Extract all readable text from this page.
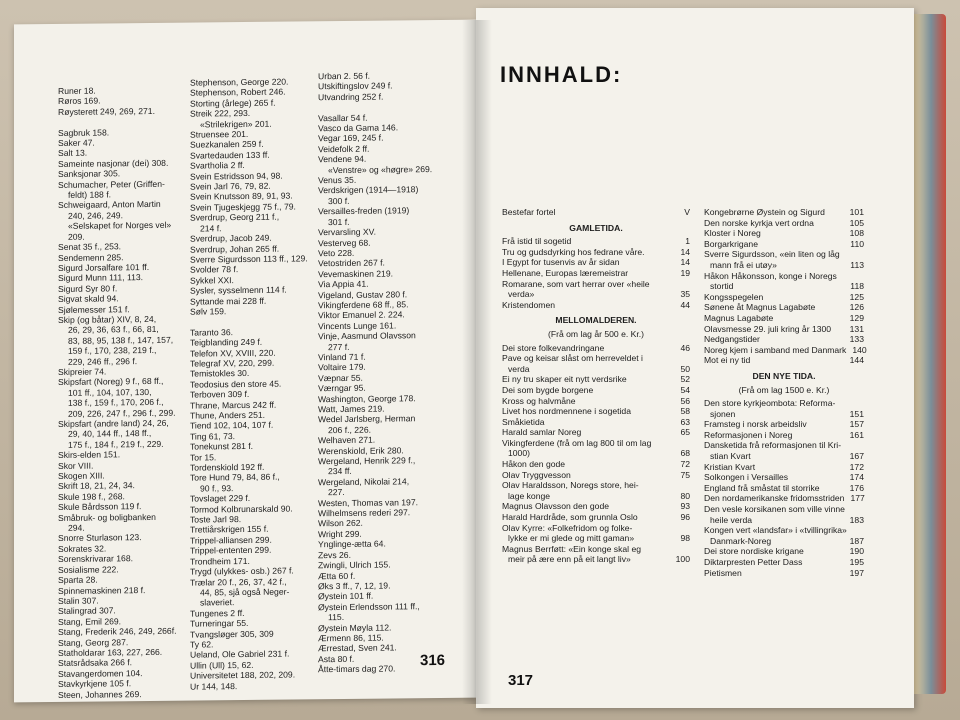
Runer 18.
Røros 169.
Røysterett 249, 269, 271.

Sagbruk 158.
Saker 47.
Salt 13.
Sameinte nasjonar (dei) 308.
Sanksjonar 305.
Schumacher, Peter (Griffen-
feldt) 188 f.
Schweigaard, Anton Martin
240, 246, 249.
«Selskapet for Norges vel»
209.
Senat 35 f., 253.
Sendemenn 285.
Sigurd Jorsalfare 101 ff.
Sigurd Munn 111, 113.
Sigurd Syr 80 f.
Sigvat skald 94.
Sjølemesser 151 f.
Skip (og båtar) XIV, 8, 24,
26, 29, 36, 63 f., 66, 81,
83, 88, 95, 138 f., 147, 157,
159 f., 170, 238, 219 f.,
229, 246 ff., 296 f.
Skipreier 74.
Skipsfart (Noreg) 9 f., 68 ff.,
101 ff., 104, 107, 130,
138 f., 159 f., 170, 206 f.,
209, 226, 247 f., 296 f., 299.
Skipsfart (andre land) 24, 26,
29, 40, 144 ff., 148 ff.,
175 f., 184 f., 219 f., 229.
Skirs-elden 151.
Skor VIII.
Skogen XIII.
Skrift 18, 21, 24, 34.
Skule 198 f., 268.
Skule Bårdsson 119 f.
Småbruk- og boligbanken
294.
Snorre Sturlason 123.
Sokrates 32.
Sorenskrivarar 168.
Sosialisme 222.
Sparta 28.
Spinnemaskinen 218 f.
Stalin 307.
Stalingrad 307.
Stang, Emil 269.
Stang, Frederik 246, 249, 266f.
Stang, Georg 287.
Statholdarar 163, 227, 266.
Statsrådsaka 266 f.
Stavangerdomen 104.
Stavkyrkjene 105 f.
Steen, Johannes 269.
Stephenson, George 220.
Stephenson, Robert 246.
Storting (årlege) 265 f.
Streik 222, 293.
«Strilekrigen» 201.
Struensee 201.
Suezkanalen 259 f.
Svartedauden 133 ff.
Svartholia 2 ff.
Svein Estridsson 94, 98.
Svein Jarl 76, 79, 82.
Svein Knutsson 89, 91, 93.
Svein Tjugeskjegg 75 f., 79.
Sverdrup, Georg 211 f.,
214 f.
Sverdrup, Jacob 249.
Sverdrup, Johan 265 ff.
Sverre Sigurdsson 113 ff., 129.
Svolder 78 f.
Sykkel XXI.
Sysler, sysselmenn 114 f.
Syttande mai 228 ff.
Sølv 159.

Taranto 36.
Teigblanding 249 f.
Telefon XV, XVIII, 220.
Telegraf XV, 220, 299.
Temistokles 30.
Teodosius den store 45.
Terboven 309 f.
Thrane, Marcus 242 ff.
Thune, Anders 251.
Tiend 102, 104, 107 f.
Ting 61, 73.
Tonekunst 281 f.
Tor 15.
Tordenskiold 192 ff.
Tore Hund 79, 84, 86 f.,
90 f., 93.
Tovslaget 229 f.
Tormod Kolbrunarskald 90.
Toste Jarl 98.
Trettiårskrigen 155 f.
Trippel-alliansen 299.
Trippel-ententen 299.
Trondheim 171.
Trygd (ulykkes- osb.) 267 f.
Trælar 20 f., 26, 37, 42 f.,
44, 85, sjå også Neger-
slaveriet.
Tungenes 2 ff.
Turneringar 55.
Tvangsløger 305, 309
Ty 62.
Ueland, Ole Gabriel 231 f.
Ullin (Ull) 15, 62.
Universitetet 188, 202, 209.
Ur 144, 148.
Urban 2. 56 f.
Utskiftingslov 249 f.
Utvandring 252 f.

Vasallar 54 f.
Vasco da Gama 146.
Vegar 169, 245 f.
Veidefolk 2 ff.
Vendene 94.
«Venstre» og «høgre» 269.
Venus 35.
Verdskrigen (1914—1918)
300 f.
Versailles-freden (1919)
301 f.
Vervarsling XV.
Vesterveg 68.
Veto 228.
Vetostriden 267 f.
Vevemaskinen 219.
Via Appia 41.
Vigeland, Gustav 280 f.
Vikingferdene 68 ff., 85.
Viktor Emanuel 2. 224.
Vincents Lunge 161.
Vinje, Aasmund Olavsson
277 f.
Vinland 71 f.
Voltaire 179.
Væpnar 55.
Værngar 95.
Washington, George 178.
Watt, James 219.
Wedel Jarlsberg, Herman
206 f., 226.
Welhaven 271.
Werenskiold, Erik 280.
Wergeland, Henrik 229 f.,
234 ff.
Wergeland, Nikolai 214,
227.
Westen, Thomas van 197.
Wilhelmsens rederi 297.
Wilson 262.
Wright 299.
Ynglinge-ætta 64.
Zevs 26.
Zwingli, Ulrich 155.
Ætta 60 f.
Øks 3 ff., 7, 12, 19.
Øystein 101 ff.
Øystein Erlendsson 111 ff.,
115.
Øystein Møyla 112.
Ærmenn 86, 115.
Ærrestad, Sven 241.
Asta 80 f.
Åtte-timars dag 270.	316
317
INNHALD:
Bestefar fortel	V
GAMLETIDA.
Frå istid til sogetid	1
Tru og gudsdyrking hos fedrane våre.	14
I Egypt for tusenvis av år sidan	14
Hellenane, Europas læremeistrar	19
Romarane, som vart herrar over «heile
verda»	35
Kristendomen	44
MELLOMALDEREN.
(Frå om lag år 500 e. Kr.)
Dei store folkevandringane	46
Pave og keisar slåst om herreveldet i
verda	50
Ei ny tru skaper eit nytt verdsrike	52
Dei som bygde borgene	54
Kross og halvmåne	56
Livet hos nordmennene i sogetida	58
Småkietida	63
Harald samlar Noreg	65
Vikingferdene (frå om lag 800 til om lag
1000)	68
Håkon den gode	72
Olav Tryggvesson	75
Olav Haraldsson, Noregs store, hei-
lage konge	80
Magnus Olavsson den gode	93
Harald Hardråde, som grunnla Oslo	96
Olav Kyrre: «Folkefridom og folke-
lykke er mi glede og mitt gaman»	98
Magnus Berrføtt: «Ein konge skal eg
meir på ære enn på eit langt liv»	100
Kongebrørne Øystein og Sigurd	101
Den norske kyrkja vert ordna	105
Kloster i Noreg	108
Borgarkrigane	110
Sverre Sigurdsson, «ein liten og låg
mann frå ei utøy»	113
Håkon Håkonsson, konge i Noregs
stortid	118
Kongsspegelen	125
Sønene åt Magnus Lagabøte	126
Magnus Lagabøte	129
Olavsmesse 29. juli kring år 1300	131
Nedgangstider	133
Noreg kjem i samband med Danmark 140
Mot ei ny tid	144
DEN NYE TIDA.
(Frå om lag 1500 e. Kr.)
Den store kyrkjeombota: Reforma-
sjonen	151
Framsteg i norsk arbeidsliv	157
Reformasjonen i Noreg	161
Dansketida frå reformasjonen til Kri-
stian Kvart	167
Kristian Kvart	172
Solkongen i Versailles	174
England frå småstat til storrike	176
Den nordamerikanske fridomsstriden 177
Den vesle korsikanen som ville vinne
heile verda	183
Kongen vert «landsfar» i «tvillingrika»
Danmark-Noreg	187
Dei store nordiske krigane	190
Diktarpresten Petter Dass	195
Pietismen	197
